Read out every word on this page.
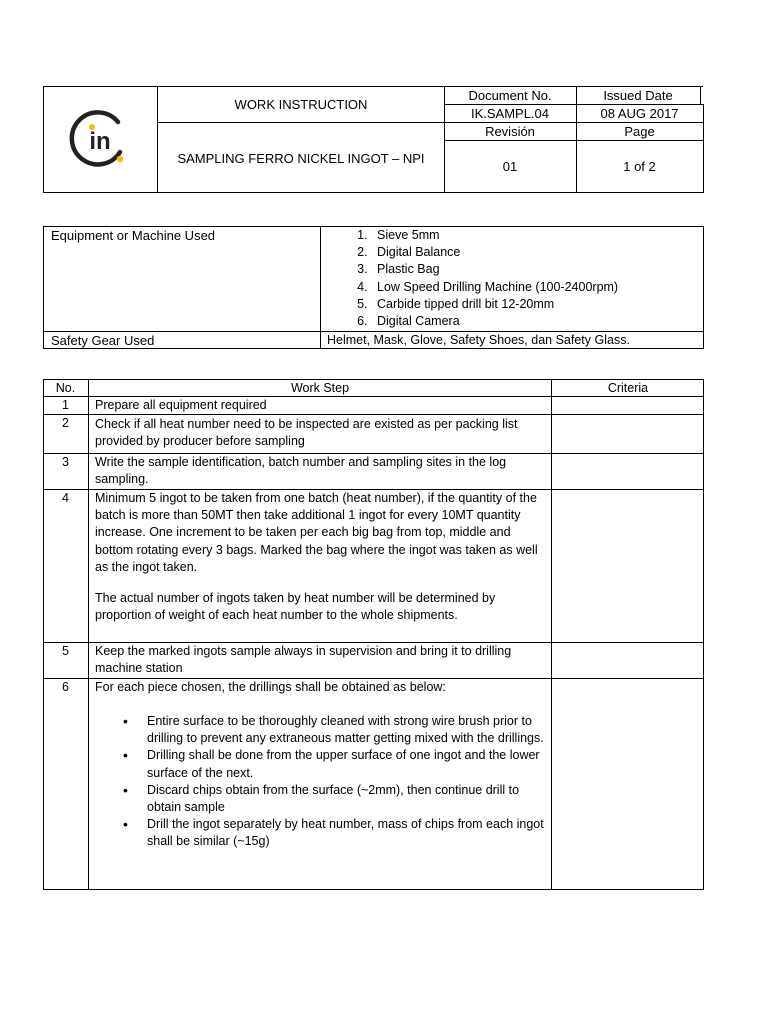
in
WORK INSTRUCTION
SAMPLING FERRO NICKEL INGOT – NPI
Document No.	Issued Date
IK.SAMPL.04	08 AUG 2017
Revisión	Page
01	1 of 2
Equipment or Machine Used
1.	Sieve 5mm
2. Digital Balance
3. Plastic Bag
4. Low Speed Drilling Machine (100-2400rpm)
5. Carbide tipped drill bit 12-20mm
6. Digital Camera
Safety Gear Used	Helmet, Mask, Glove, Safety Shoes, dan Safety Glass.
No.	Work Step	Criteria
1	Prepare all equipment required
2	Check if all heat number need to be inspected are existed as per packing list provided by producer before sampling
3	Write the sample identification, batch number and sampling sites in the log sampling.
4	Minimum 5 ingot to be taken from one batch (heat number), if the quantity of the batch is more than 50MT then take additional 1 ingot for every 10MT quantity increase. One increment to be taken per each big bag from top, middle and bottom rotating every 3 bags. Marked the bag where the ingot was taken as well as the ingot taken.
The actual number of ingots taken by heat number will be determined by proportion of weight of each heat number to the whole shipments.
5	Keep the marked ingots sample always in supervision and bring it to drilling machine station
6	For each piece chosen, the drillings shall be obtained as below:
• Entire surface to be thoroughly cleaned with strong wire brush prior to drilling to prevent any extraneous matter getting mixed with the drillings.
• Drilling shall be done from the upper surface of one ingot and the lower surface of the next.
• Discard chips obtain from the surface (~2mm), then continue drill to obtain sample
• Drill the ingot separately by heat number, mass of chips from each ingot shall be similar (~15g)
